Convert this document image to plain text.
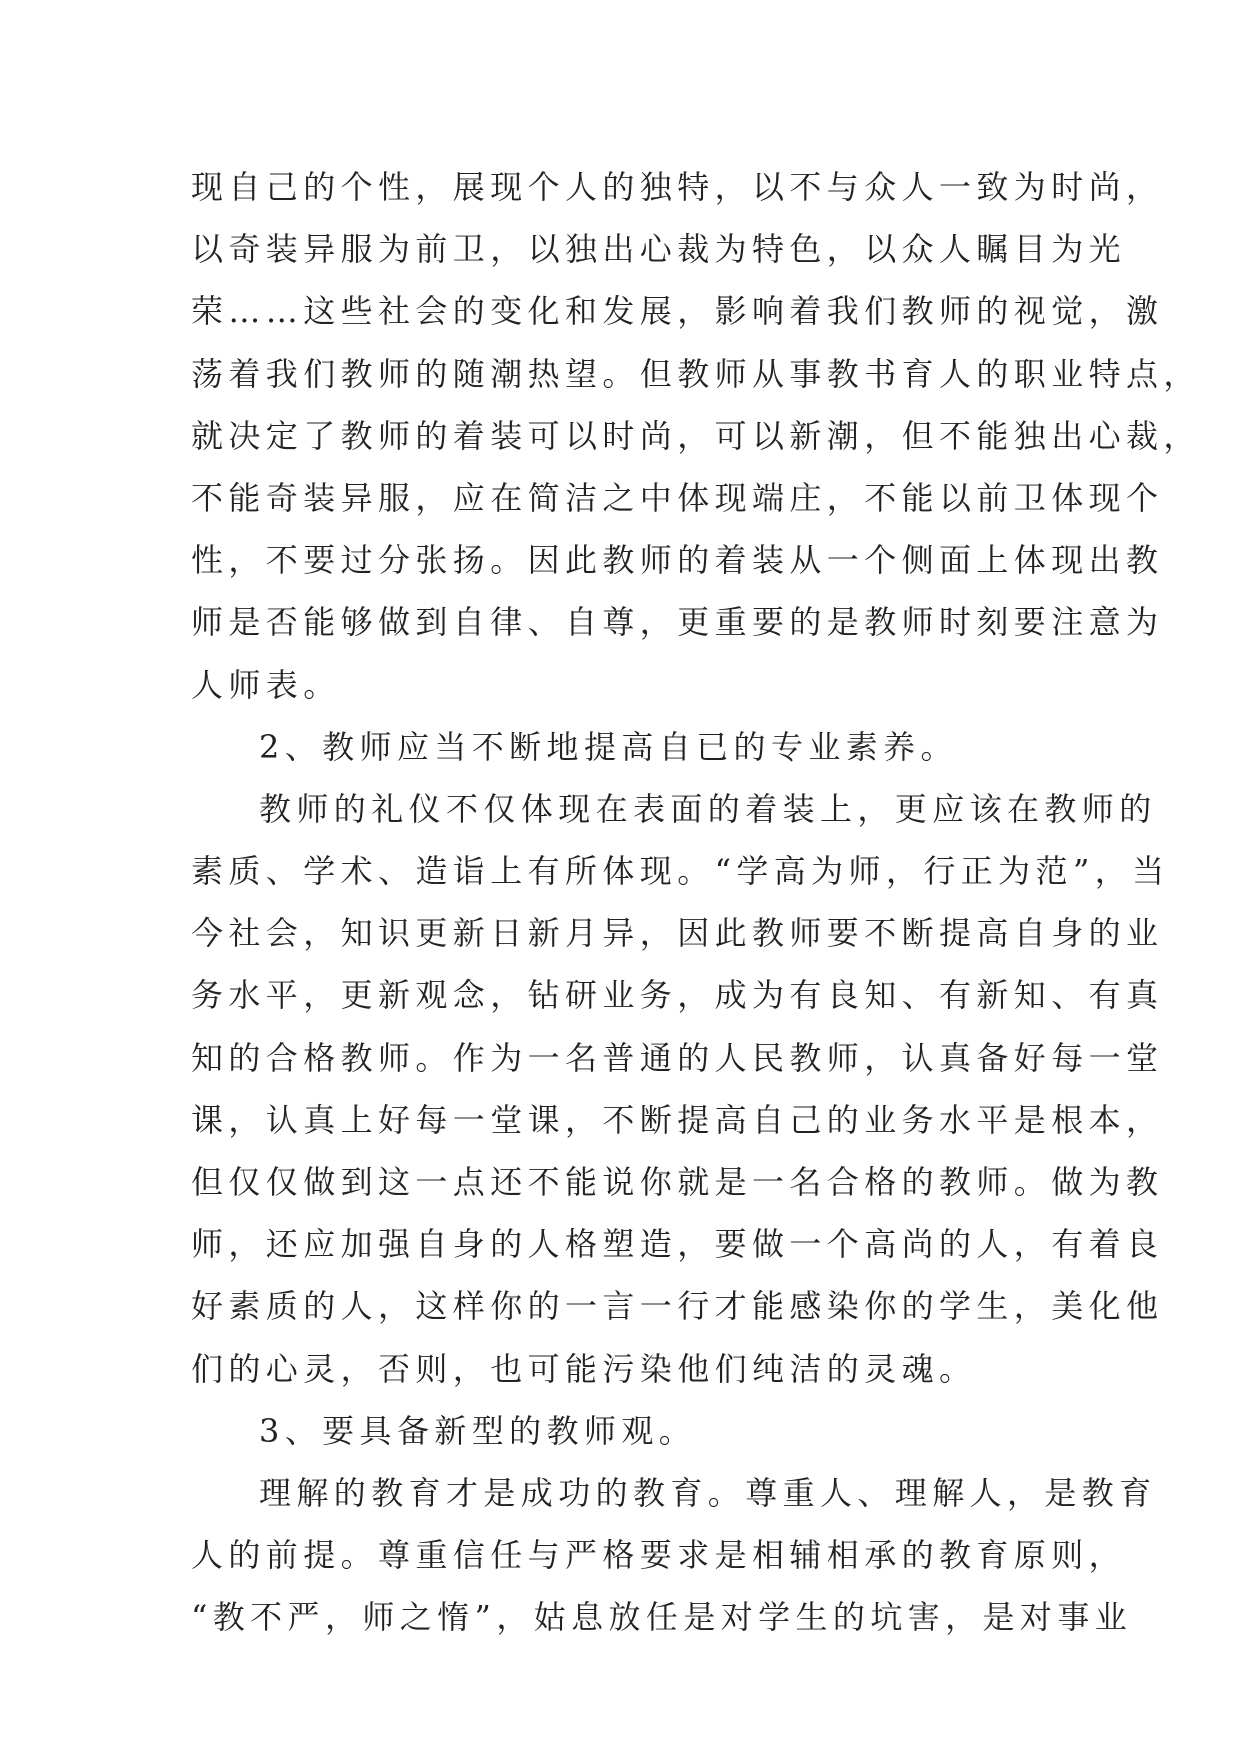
现自己的个性，展现个人的独特，以不与众人一致为时尚，
以奇装异服为前卫，以独出心裁为特色，以众人瞩目为光
荣……这些社会的变化和发展，影响着我们教师的视觉，激
荡着我们教师的随潮热望。但教师从事教书育人的职业特点，
就决定了教师的着装可以时尚，可以新潮，但不能独出心裁，
不能奇装异服，应在简洁之中体现端庄，不能以前卫体现个
性，不要过分张扬。因此教师的着装从一个侧面上体现出教
师是否能够做到自律、自尊，更重要的是教师时刻要注意为
人师表。
2、教师应当不断地提高自已的专业素养。
教师的礼仪不仅体现在表面的着装上，更应该在教师的
素质、学术、造诣上有所体现。“学高为师，行正为范”，当
今社会，知识更新日新月异，因此教师要不断提高自身的业
务水平，更新观念，钻研业务，成为有良知、有新知、有真
知的合格教师。作为一名普通的人民教师，认真备好每一堂
课，认真上好每一堂课，不断提高自己的业务水平是根本，
但仅仅做到这一点还不能说你就是一名合格的教师。做为教
师，还应加强自身的人格塑造，要做一个高尚的人，有着良
好素质的人，这样你的一言一行才能感染你的学生，美化他
们的心灵，否则，也可能污染他们纯洁的灵魂。
3、要具备新型的教师观。
理解的教育才是成功的教育。尊重人、理解人，是教育
人的前提。尊重信任与严格要求是相辅相承的教育原则，
“教不严，师之惰”，姑息放任是对学生的坑害，是对事业
